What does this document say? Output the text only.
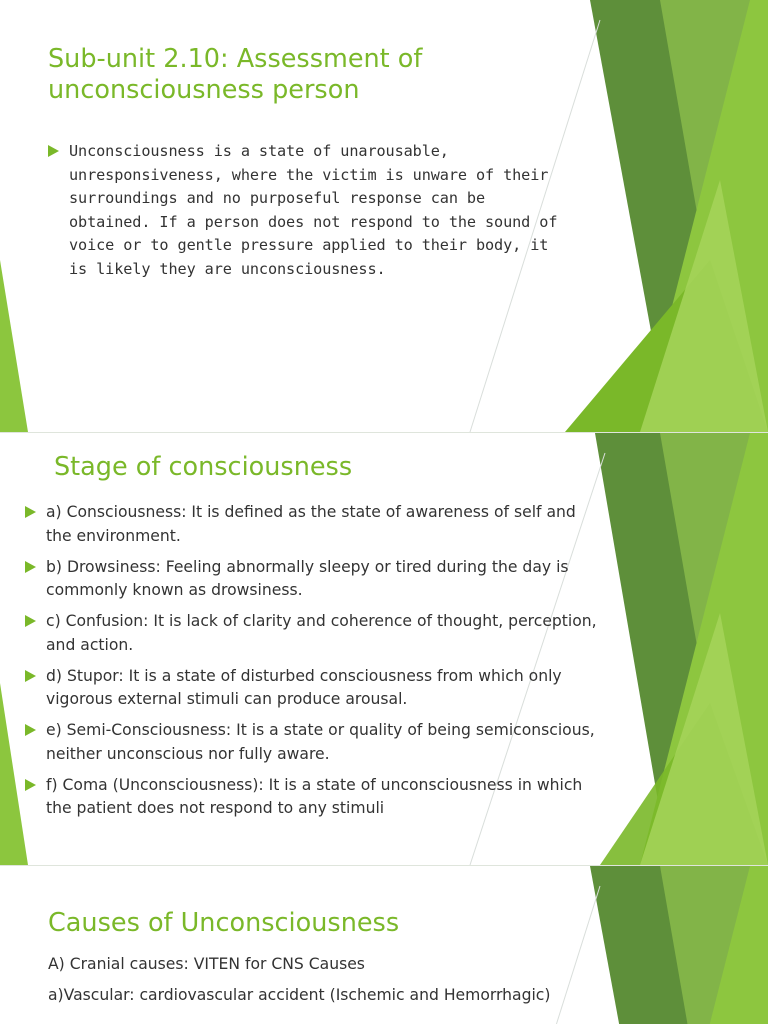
Sub-unit 2.10: Assessment of unconsciousness person
Unconsciousness is a state of unarousable, unresponsiveness, where the victim is unware of their surroundings and no purposeful response can be obtained. If a person does not respond to the sound of voice or to gentle pressure applied to their body, it is likely they are unconsciousness.
Stage of consciousness
a) Consciousness: It is defined as the state of awareness of self and the environment.
b) Drowsiness: Feeling abnormally sleepy or tired during the day is commonly known as drowsiness.
c) Confusion: It is lack of clarity and coherence of thought, perception, and action.
d) Stupor: It is a state of disturbed consciousness from which only vigorous external stimuli can produce arousal.
e) Semi-Consciousness: It is a state or quality of being semiconscious, neither unconscious nor fully aware.
f) Coma (Unconsciousness): It is a state of unconsciousness in which the patient does not respond to any stimuli
Causes of Unconsciousness

A) Cranial causes: VITEN for CNS Causes

a)Vascular: cardiovascular accident (Ischemic and Hemorrhagic)
